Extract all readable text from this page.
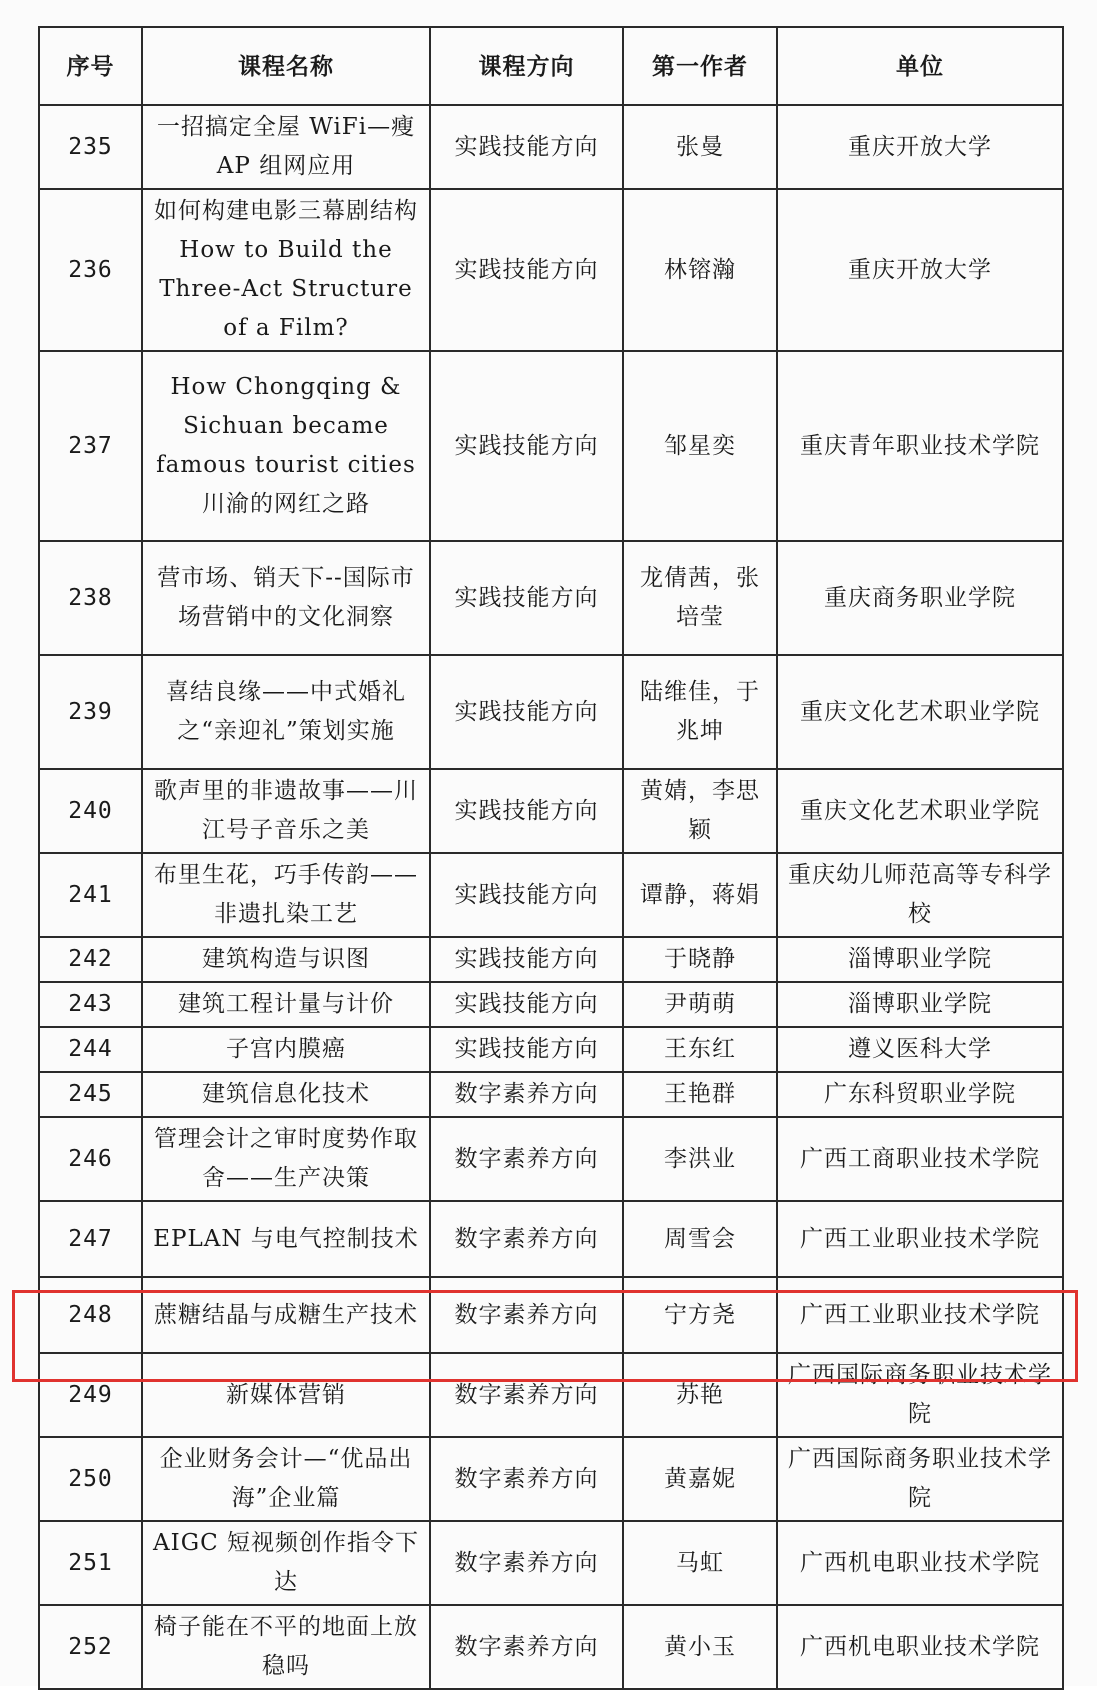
序号	课程名称	课程方向	第一作者	单位
235	一招搞定全屋 WiFi—瘦 AP 组网应用	实践技能方向	张曼	重庆开放大学
236	如何构建电影三幕剧结构 How to Build the Three-Act Structure of a Film?	实践技能方向	林镕瀚	重庆开放大学
237	How Chongqing & Sichuan became famous tourist cities 川渝的网红之路	实践技能方向	邹星奕	重庆青年职业技术学院
238	营市场、销天下--国际市场营销中的文化洞察	实践技能方向	龙倩茜，张培莹	重庆商务职业学院
239	喜结良缘——中式婚礼之“亲迎礼”策划实施	实践技能方向	陆维佳，于兆坤	重庆文化艺术职业学院
240	歌声里的非遗故事——川江号子音乐之美	实践技能方向	黄婧，李思颖	重庆文化艺术职业学院
241	布里生花，巧手传韵——非遗扎染工艺	实践技能方向	谭静，蒋娟	重庆幼儿师范高等专科学校
242	建筑构造与识图	实践技能方向	于晓静	淄博职业学院
243	建筑工程计量与计价	实践技能方向	尹萌萌	淄博职业学院
244	子宫内膜癌	实践技能方向	王东红	遵义医科大学
245	建筑信息化技术	数字素养方向	王艳群	广东科贸职业学院
246	管理会计之审时度势作取舍——生产决策	数字素养方向	李洪业	广西工商职业技术学院
247	EPLAN 与电气控制技术	数字素养方向	周雪会	广西工业职业技术学院
248	蔗糖结晶与成糖生产技术	数字素养方向	宁方尧	广西工业职业技术学院
249	新媒体营销	数字素养方向	苏艳	广西国际商务职业技术学院
250	企业财务会计—“优品出海”企业篇	数字素养方向	黄嘉妮	广西国际商务职业技术学院
251	AIGC 短视频创作指令下达	数字素养方向	马虹	广西机电职业技术学院
252	椅子能在不平的地面上放稳吗	数字素养方向	黄小玉	广西机电职业技术学院
